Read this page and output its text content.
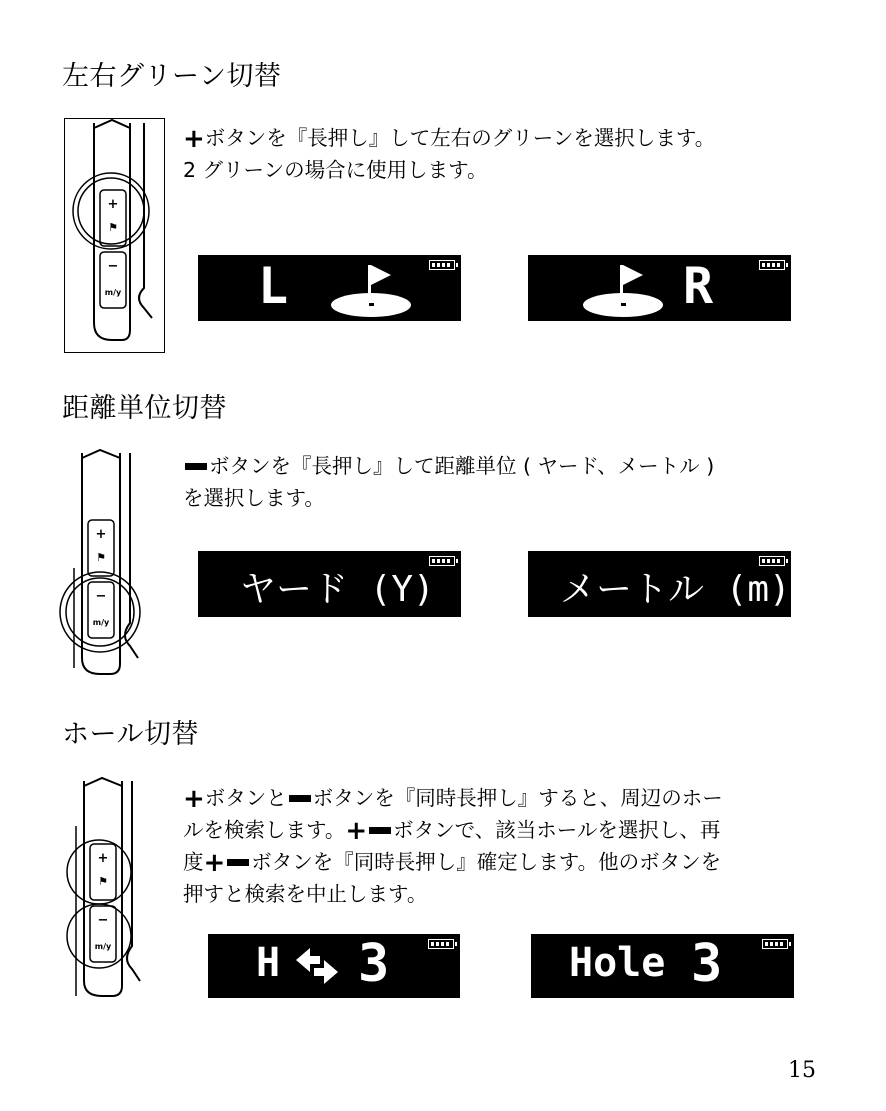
左右グリーン切替
+
⚑
−
m/y

+ボタンを『長押し』して左右のグリーンを選択します。
2 グリーンの場合に使用します。

L	R
距離単位切替
+
⚑
−
m/y

ボタンを『長押し』して距離単位 ( ヤード、メートル )
を選択します。

ヤード (Y)	メートル (m)
ホール切替
+
⚑
−
m/y

+ボタンと ボタンを『同時長押し』すると、周辺のホー
ルを検索します。+ ボタンで、該当ホールを選択し、再
度+ ボタンを『同時長押し』確定します。他のボタンを
押すと検索を中止します。

H 3	Hole 3
15
